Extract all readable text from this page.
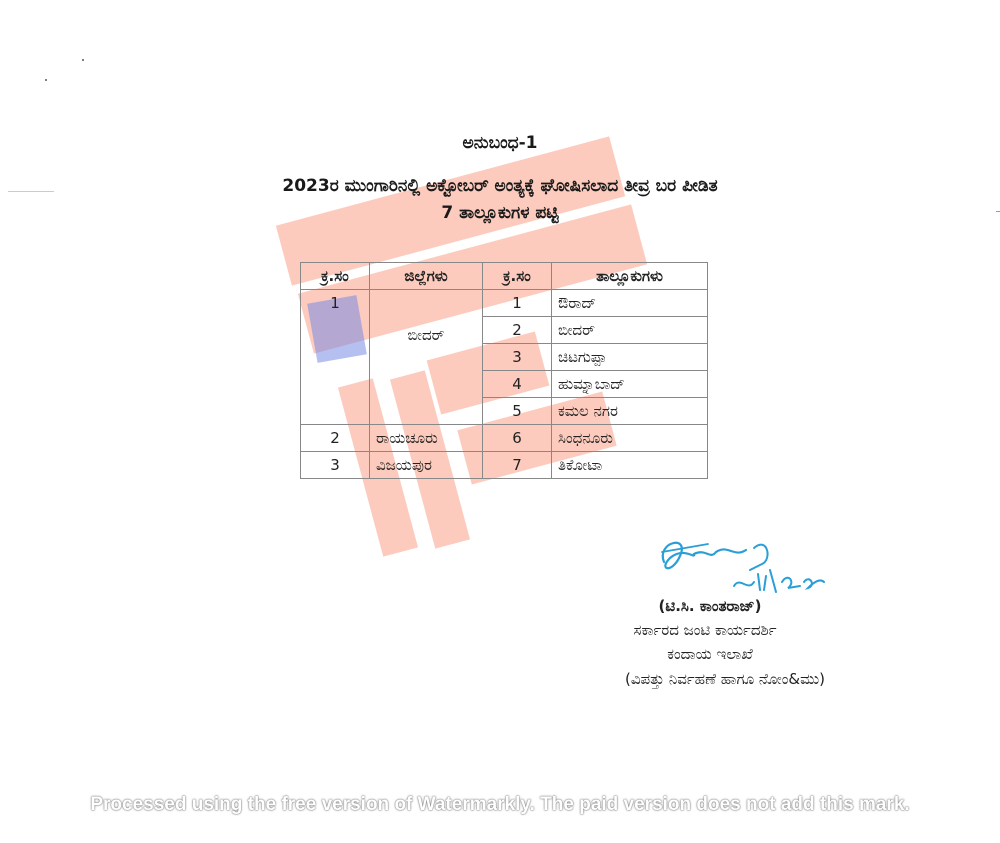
ಅನುಬಂಧ-1
2023ರ ಮುಂಗಾರಿನಲ್ಲಿ ಅಕ್ಟೋಬರ್ ಅಂತ್ಯಕ್ಕೆ ಘೋಷಿಸಲಾದ ತೀವ್ರ ಬರ ಪೀಡಿತ
7 ತಾಲ್ಲೂಕುಗಳ ಪಟ್ಟಿ
ಕ್ರ.ಸಂ	ಜಿಲ್ಲೆಗಳು	ಕ್ರ.ಸಂ	ತಾಲ್ಲೂಕುಗಳು
1	ಬೀದರ್	1	ಔರಾದ್
		2	ಬೀದರ್
		3	ಚಿಟಗುಪ್ಪಾ
		4	ಹುಮ್ನಾಬಾದ್
		5	ಕಮಲ ನಗರ
2	ರಾಯಚೂರು	6	ಸಿಂಧನೂರು
3	ವಿಜಯಪುರ	7	ತಿಕೋಟಾ
(ಟಿ.ಸಿ. ಕಾಂತರಾಜ್)
ಸರ್ಕಾರದ ಜಂಟಿ ಕಾರ್ಯದರ್ಶಿ
ಕಂದಾಯ ಇಲಾಖೆ
(ವಿಪತ್ತು ನಿರ್ವಹಣೆ ಹಾಗೂ ನೋಂ&ಮು)
Processed using the free version of Watermarkly. The paid version does not add this mark.
